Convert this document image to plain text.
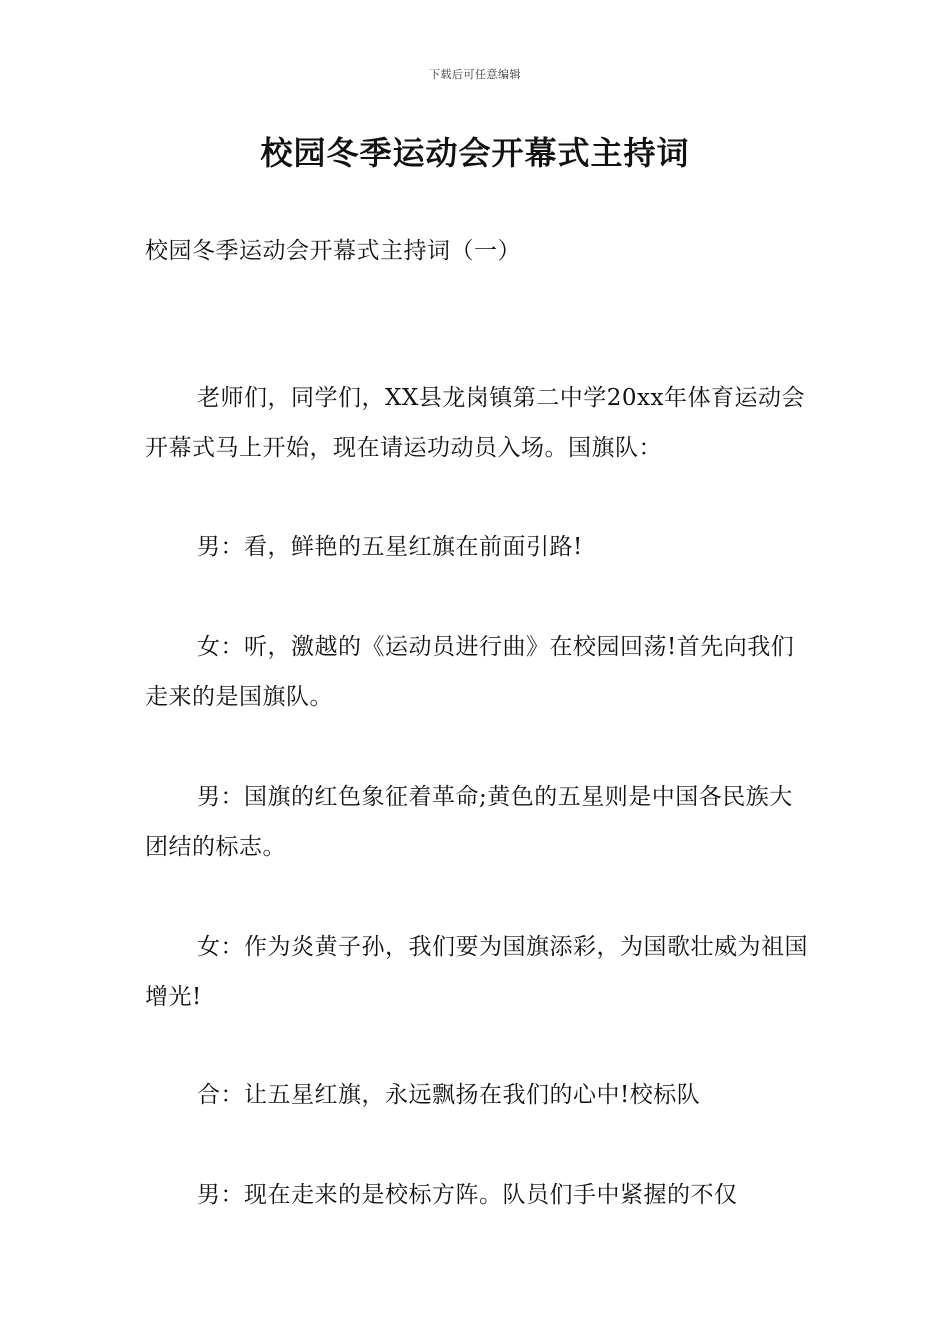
下载后可任意编辑
校园冬季运动会开幕式主持词

校园冬季运动会开幕式主持词（一）

老师们，同学们，XX县龙岗镇第二中学20xx年体育运动会开幕式马上开始，现在请运功动员入场。国旗队：

男：看，鲜艳的五星红旗在前面引路!

女：听，激越的《运动员进行曲》在校园回荡!首先向我们走来的是国旗队。

男：国旗的红色象征着革命;黄色的五星则是中国各民族大团结的标志。

女：作为炎黄子孙，我们要为国旗添彩，为国歌壮威为祖国增光!

合：让五星红旗，永远飘扬在我们的心中!校标队

男：现在走来的是校标方阵。队员们手中紧握的不仅
